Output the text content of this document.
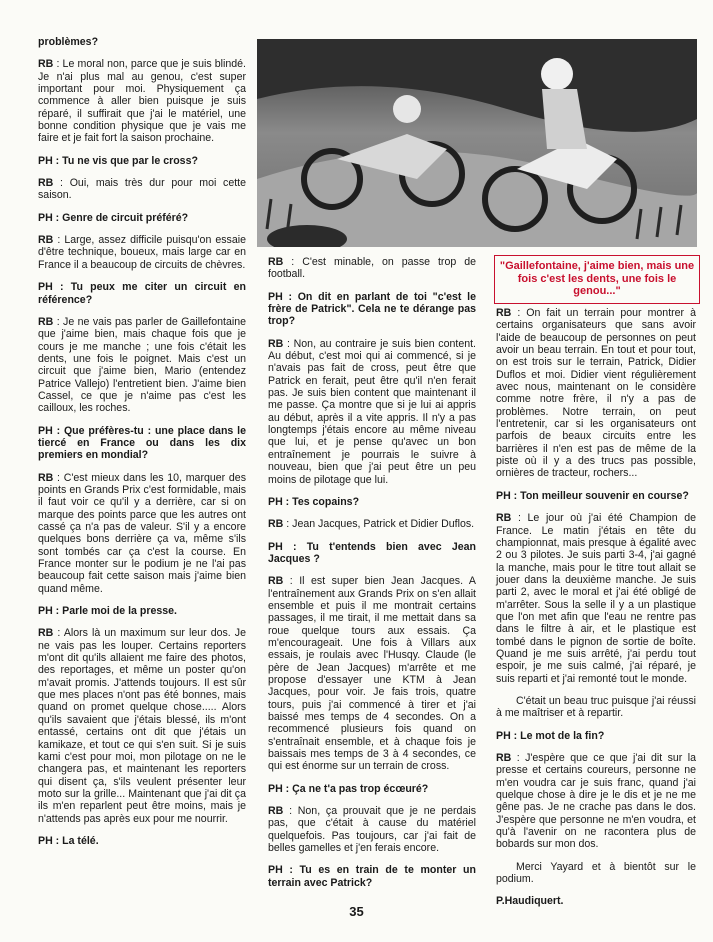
"Gaillefontaine, j'aime bien, mais une fois c'est les dents, une fois le genou..."

problèmes?

RB : Le moral non, parce que je suis blindé. Je n'ai plus mal au genou, c'est super important pour moi. Physiquement ça commence à aller bien puisque je suis réparé, il suffirait que j'ai le matériel, une bonne condition physique que je vais me faire et je fait fort la saison prochaine.

PH : Tu ne vis que par le cross?

RB : Oui, mais très dur pour moi cette saison.

PH : Genre de circuit préféré?

RB : Large, assez difficile puisqu'on essaie d'être technique, boueux, mais large car en France il a beaucoup de circuits de chèvres.

PH : Tu peux me citer un circuit en référence?

RB : Je ne vais pas parler de Gaillefontaine que j'aime bien, mais chaque fois que je cours je me manche ; une fois c'était les dents, une fois le poignet. Mais c'est un circuit que j'aime bien, Mario (entendez Patrice Vallejo) l'entretient bien. J'aime bien Cassel, ce que je n'aime pas c'est les cailloux, les roches.

PH : Que préfères-tu : une place dans le tiercé en France ou dans les dix premiers en mondial?

RB : C'est mieux dans les 10, marquer des points en Grands Prix c'est formidable, mais il faut voir ce qu'il y a derrière, car si on marque des points parce que les autres ont cassé ça n'a pas de valeur. S'il y a encore quelques bons derrière ça va, même s'ils sont tombés car ça c'est la course. En France monter sur le podium je ne l'ai pas beaucoup fait cette saison mais j'aime bien quand même.

PH : Parle moi de la presse.

RB : Alors là un maximum sur leur dos. Je ne vais pas les louper. Certains reporters m'ont dit qu'ils allaient me faire des photos, des reportages, et même un poster qu'on m'avait promis. J'attends toujours. Il est sûr que mes places n'ont pas été bonnes, mais quand on promet quelque chose..... Alors qu'ils savaient que j'étais blessé, ils m'ont entassé, certains ont dit que j'étais un kamikaze, et tout ce qui s'en suit. Si je suis kami c'est pour moi, mon pilotage on ne le changera pas, et maintenant les reporters qui disent ça, s'ils veulent présenter leur moto sur la grille... Maintenant que j'ai dit ça ils m'en reparlent peut être moins, mais je n'attends pas après eux pour me nourrir.

PH : La télé.

RB : C'est minable, on passe trop de football.

PH : On dit en parlant de toi "c'est le frère de Patrick". Cela ne te dérange pas trop?

RB : Non, au contraire je suis bien content. Au début, c'est moi qui ai commencé, si je n'avais pas fait de cross, peut être que Patrick en ferait, peut être qu'il n'en ferait pas. Je suis bien content que maintenant il me passe. Ça montre que si je lui ai appris au début, après il a vite appris. Il n'y a pas longtemps j'étais encore au même niveau que lui, et je pense qu'avec un bon entraînement je pourrais le suivre à nouveau, bien que j'ai peut être un peu moins de pilotage que lui.

PH : Tes copains?

RB : Jean Jacques, Patrick et Didier Duflos.

PH : Tu t'entends bien avec Jean Jacques ?

RB : Il est super bien Jean Jacques. A l'entraînement aux Grands Prix on s'en allait ensemble et puis il me montrait certains passages, il me tirait, il me mettait dans sa roue quelque tours aux essais. Ça m'encourageait. Une fois à Villars aux essais, je roulais avec l'Husqy. Claude (le père de Jean Jacques) m'arrête et me propose d'essayer une KTM à Jean Jacques, pour voir. Je fais trois, quatre tours, puis j'ai commencé à tirer et j'ai baissé mes temps de 4 secondes. On a recommencé plusieurs fois quand on s'entraînait ensemble, et à chaque fois je baissais mes temps de 3 à 4 secondes, ce qui est énorme sur un terrain de cross.

PH : Ça ne t'a pas trop écœuré?

RB : Non, ça prouvait que je ne perdais pas, que c'était à cause du matériel quelquefois. Pas toujours, car j'ai fait de belles gamelles et j'en ferais encore.

PH : Tu es en train de te monter un terrain avec Patrick?

RB : On fait un terrain pour montrer à certains organisateurs que sans avoir l'aide de beaucoup de personnes on peut avoir un beau terrain. En tout et pour tout, on est trois sur le terrain, Patrick, Didier Duflos et moi. Didier vient régulièrement avec nous, maintenant on le considère comme notre frère, il n'y a pas de problèmes. Notre terrain, on peut l'entretenir, car si les organisateurs ont parfois de beaux circuits entre les barrières il n'en est pas de même de la piste où il y a des trucs pas possible, ornières de tracteur, rochers...

PH : Ton meilleur souvenir en course?

RB : Le jour où j'ai été Champion de France. Le matin j'étais en tête du championnat, mais presque à égalité avec 2 ou 3 pilotes. Je suis parti 3-4, j'ai gagné la manche, mais pour le titre tout allait se jouer dans la deuxième manche. Je suis parti 2, avec le moral et j'ai été obligé de m'arrêter. Sous la selle il y a un plastique que l'on met afin que l'eau ne rentre pas dans le filtre à air, et le plastique est tombé dans le pignon de sortie de boîte. Quand je me suis arrêté, j'ai perdu tout espoir, je me suis calmé, j'ai réparé, je suis reparti et j'ai remonté tout le monde.

C'était un beau truc puisque j'ai réussi à me maîtriser et à repartir.

PH : Le mot de la fin?

RB : J'espère que ce que j'ai dit sur la presse et certains coureurs, personne ne m'en voudra car je suis franc, quand j'ai quelque chose à dire je le dis et je ne me gêne pas. Je ne crache pas dans le dos. J'espère que personne ne m'en voudra, et qu'à l'avenir on ne racontera plus de bobards sur mon dos.

Merci Yayard et à bientôt sur le podium.

P.Haudiquert.

35
